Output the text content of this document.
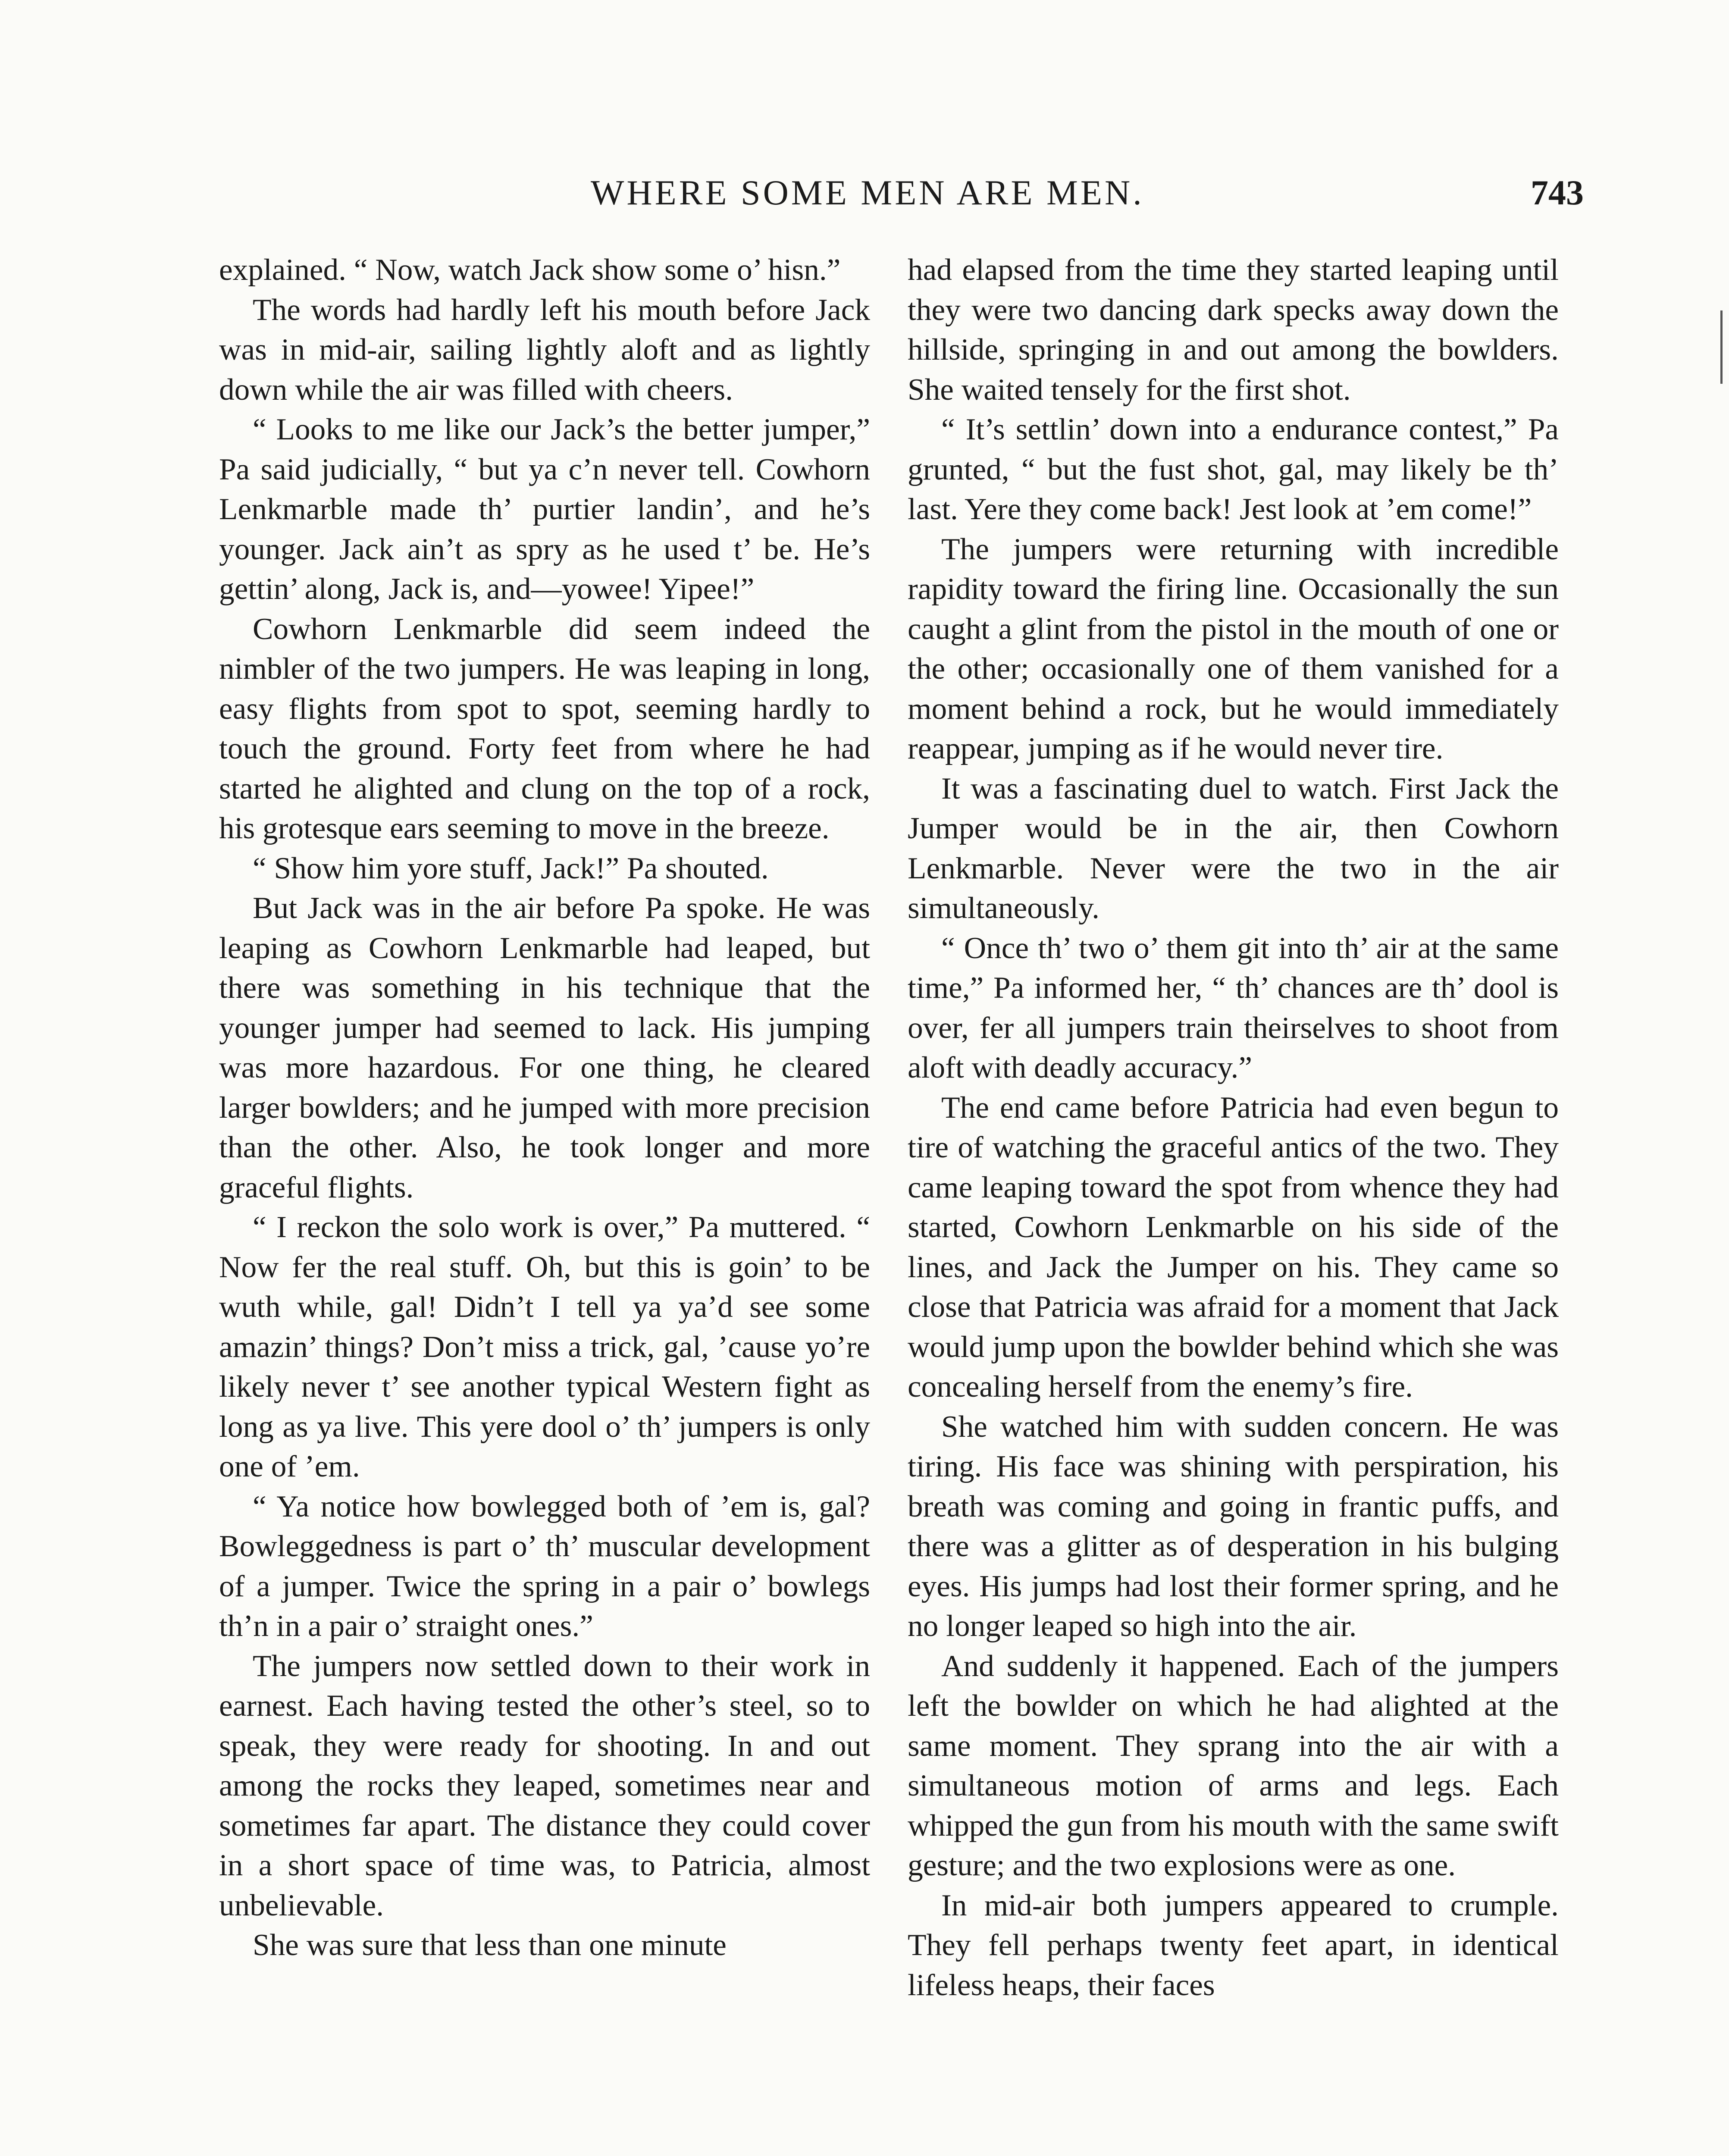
WHERE SOME MEN ARE MEN.	743

explained. “ Now, watch Jack show some o’ hisn.”

The words had hardly left his mouth before Jack was in mid-air, sailing lightly aloft and as lightly down while the air was filled with cheers.

“ Looks to me like our Jack’s the better jumper,” Pa said judicially, “ but ya c’n never tell. Cowhorn Lenkmarble made th’ purtier landin’, and he’s younger. Jack ain’t as spry as he used t’ be. He’s gettin’ along, Jack is, and—yowee! Yipee!”

Cowhorn Lenkmarble did seem indeed the nimbler of the two jumpers. He was leaping in long, easy flights from spot to spot, seeming hardly to touch the ground. Forty feet from where he had started he alighted and clung on the top of a rock, his grotesque ears seeming to move in the breeze.

“ Show him yore stuff, Jack!” Pa shouted.

But Jack was in the air before Pa spoke. He was leaping as Cowhorn Lenkmarble had leaped, but there was something in his technique that the younger jumper had seemed to lack. His jumping was more hazardous. For one thing, he cleared larger bowlders; and he jumped with more precision than the other. Also, he took longer and more graceful flights.

“ I reckon the solo work is over,” Pa muttered. “ Now fer the real stuff. Oh, but this is goin’ to be wuth while, gal! Didn’t I tell ya ya’d see some amazin’ things? Don’t miss a trick, gal, ’cause yo’re likely never t’ see another typical Western fight as long as ya live. This yere dool o’ th’ jumpers is only one of ’em.

“ Ya notice how bowlegged both of ’em is, gal? Bowleggedness is part o’ th’ muscular development of a jumper. Twice the spring in a pair o’ bowlegs th’n in a pair o’ straight ones.”

The jumpers now settled down to their work in earnest. Each having tested the other’s steel, so to speak, they were ready for shooting. In and out among the rocks they leaped, sometimes near and sometimes far apart. The distance they could cover in a short space of time was, to Patricia, almost unbelievable.

She was sure that less than one minute

had elapsed from the time they started leaping until they were two dancing dark specks away down the hillside, springing in and out among the bowlders. She waited tensely for the first shot.

“ It’s settlin’ down into a endurance contest,” Pa grunted, “ but the fust shot, gal, may likely be th’ last. Yere they come back! Jest look at ’em come!”

The jumpers were returning with incredible rapidity toward the firing line. Occasionally the sun caught a glint from the pistol in the mouth of one or the other; occasionally one of them vanished for a moment behind a rock, but he would immediately reappear, jumping as if he would never tire.

It was a fascinating duel to watch. First Jack the Jumper would be in the air, then Cowhorn Lenkmarble. Never were the two in the air simultaneously.

“ Once th’ two o’ them git into th’ air at the same time,” Pa informed her, “ th’ chances are th’ dool is over, fer all jumpers train theirselves to shoot from aloft with deadly accuracy.”

The end came before Patricia had even begun to tire of watching the graceful antics of the two. They came leaping toward the spot from whence they had started, Cowhorn Lenkmarble on his side of the lines, and Jack the Jumper on his. They came so close that Patricia was afraid for a moment that Jack would jump upon the bowlder behind which she was concealing herself from the enemy’s fire.

She watched him with sudden concern. He was tiring. His face was shining with perspiration, his breath was coming and going in frantic puffs, and there was a glitter as of desperation in his bulging eyes. His jumps had lost their former spring, and he no longer leaped so high into the air.

And suddenly it happened. Each of the jumpers left the bowlder on which he had alighted at the same moment. They sprang into the air with a simultaneous motion of arms and legs. Each whipped the gun from his mouth with the same swift gesture; and the two explosions were as one.

In mid-air both jumpers appeared to crumple. They fell perhaps twenty feet apart, in identical lifeless heaps, their faces
